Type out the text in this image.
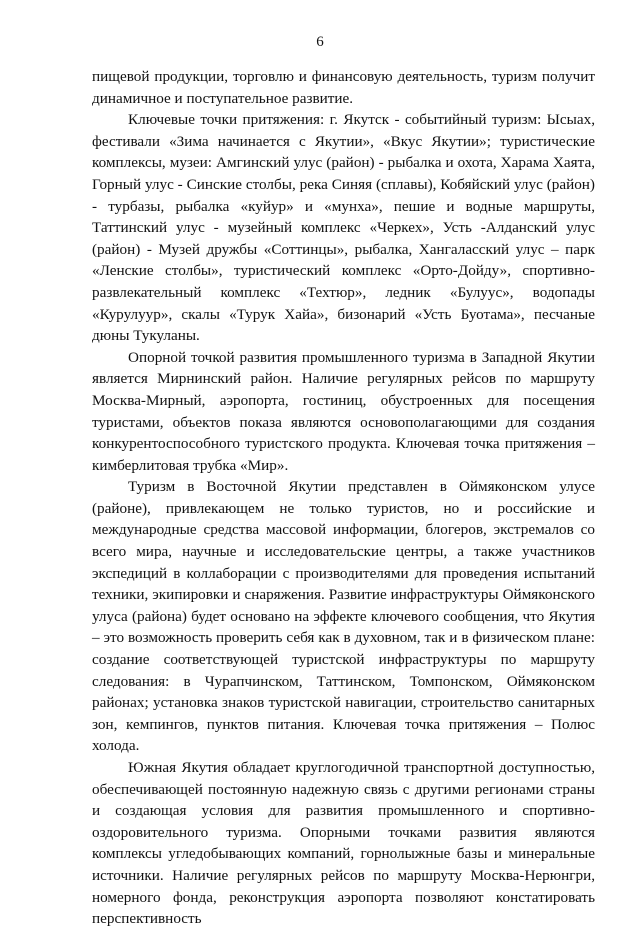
6

пищевой продукции, торговлю и финансовую деятельность, туризм получит динамичное и поступательное развитие.

Ключевые точки притяжения: г. Якутск - событийный туризм: Ысыах, фестивали «Зима начинается с Якутии», «Вкус Якутии»; туристические комплексы, музеи: Амгинский улус (район) - рыбалка и охота, Харама Хаята, Горный улус - Синские столбы, река Синяя (сплавы), Кобяйский улус (район) - турбазы, рыбалка «куйур» и «мунха», пешие и водные маршруты, Таттинский улус - музейный комплекс «Черкех», Усть -Алданский улус (район) - Музей дружбы «Соттинцы», рыбалка, Хангаласский улус – парк «Ленские столбы», туристический комплекс «Орто-Дойду», спортивно-развлекательный комплекс «Техтюр», ледник «Булуус», водопады «Курулуур», скалы «Турук Хайа», бизонарий «Усть Буотама», песчаные дюны Тукуланы.

Опорной точкой развития промышленного туризма в Западной Якутии является Мирнинский район. Наличие регулярных рейсов по маршруту Москва-Мирный, аэропорта, гостиниц, обустроенных для посещения туристами, объектов показа являются основополагающими для создания конкурентоспособного туристского продукта. Ключевая точка притяжения – кимберлитовая трубка «Мир».

Туризм в Восточной Якутии представлен в Оймяконском улусе (районе), привлекающем не только туристов, но и российские и международные средства массовой информации, блогеров, экстремалов со всего мира, научные и исследовательские центры, а также участников экспедиций в коллаборации с производителями для проведения испытаний техники, экипировки и снаряжения. Развитие инфраструктуры Оймяконского улуса (района) будет основано на эффекте ключевого сообщения, что Якутия – это возможность проверить себя как в духовном, так и в физическом плане: создание соответствующей туристской инфраструктуры по маршруту следования: в Чурапчинском, Таттинском, Томпонском, Оймяконском районах; установка знаков туристской навигации, строительство санитарных зон, кемпингов, пунктов питания. Ключевая точка притяжения – Полюс холода.

Южная Якутия обладает круглогодичной транспортной доступностью, обеспечивающей постоянную надежную связь с другими регионами страны и создающая условия для развития промышленного и спортивно-оздоровительного туризма. Опорными точками развития являются комплексы угледобывающих компаний, горнолыжные базы и минеральные источники. Наличие регулярных рейсов по маршруту Москва-Нерюнгри, номерного фонда, реконструкция аэропорта позволяют констатировать перспективность
